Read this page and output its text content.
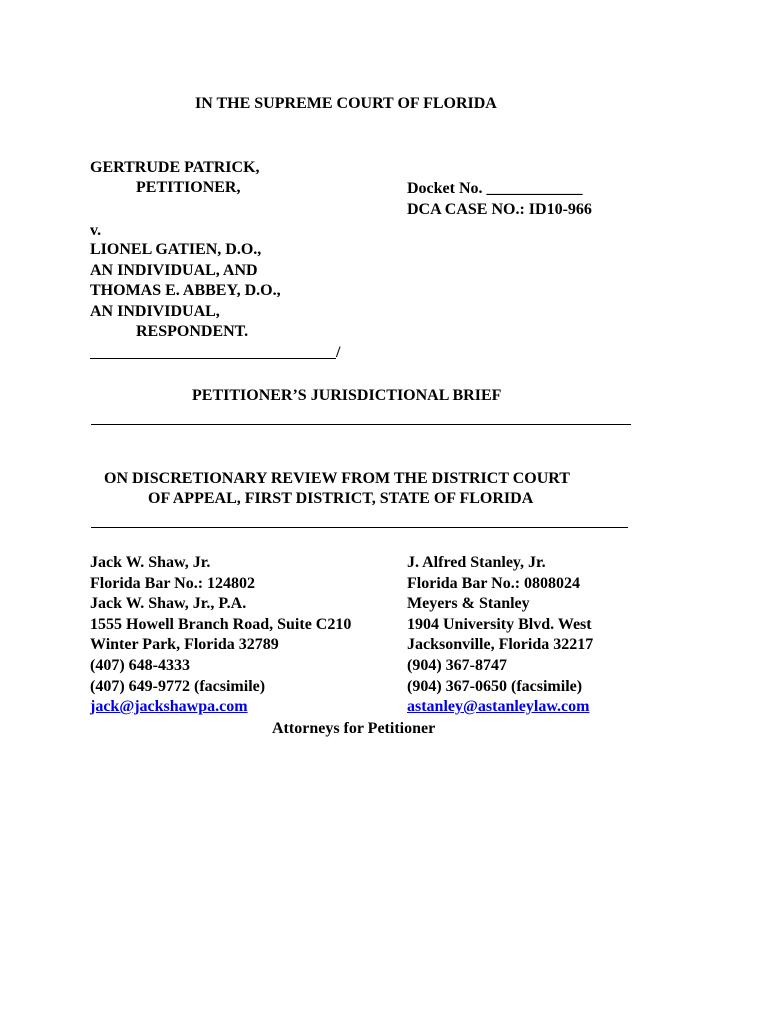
IN THE SUPREME COURT OF FLORIDA
GERTRUDE PATRICK,
PETITIONER,	Docket No. ____________
DCA CASE NO.: ID10-966
v.
LIONEL GATIEN, D.O.,
AN INDIVIDUAL, AND
THOMAS E. ABBEY, D.O.,
AN INDIVIDUAL,
RESPONDENT.
/
PETITIONER’S JURISDICTIONAL BRIEF
ON DISCRETIONARY REVIEW FROM THE DISTRICT COURT
OF APPEAL, FIRST DISTRICT, STATE OF FLORIDA
Jack W. Shaw, Jr.
Florida Bar No.: 124802
Jack W. Shaw, Jr., P.A.
1555 Howell Branch Road, Suite C210
Winter Park, Florida 32789
(407) 648-4333
(407) 649-9772 (facsimile)
jack@jackshawpa.com
J. Alfred Stanley, Jr.
Florida Bar No.: 0808024
Meyers & Stanley
1904 University Blvd. West
Jacksonville, Florida 32217
(904) 367-8747
(904) 367-0650 (facsimile)
astanley@astanleylaw.com
Attorneys for Petitioner
